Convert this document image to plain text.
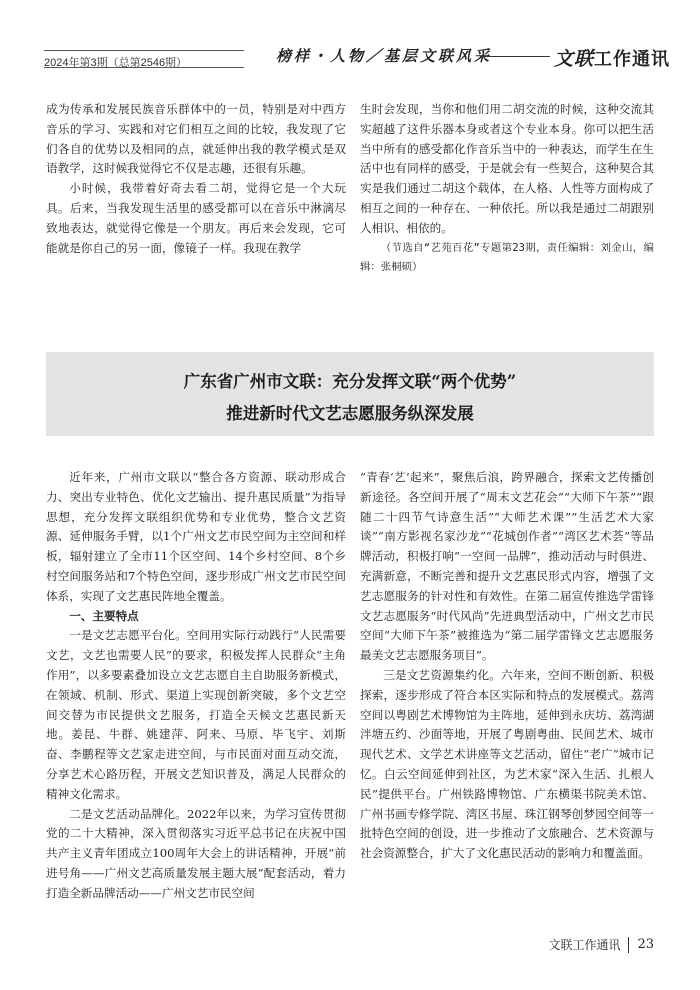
2024年第3期（总第2546期）	榜样・人物／基层文联风采	文联工作通讯

成为传承和发展民族音乐群体中的一员，特别是对中西方音乐的学习、实践和对它们相互之间的比较，我发现了它们各自的优势以及相同的点，就延伸出我的教学模式是双语教学，这时候我觉得它不仅是志趣，还很有乐趣。

小时候，我带着好奇去看二胡，觉得它是一个大玩具。后来，当我发现生活里的感受都可以在音乐中淋漓尽致地表达，就觉得它像是一个朋友。再后来会发现，它可能就是你自己的另一面，像镜子一样。我现在教学

生时会发现，当你和他们用二胡交流的时候，这种交流其实超越了这件乐器本身或者这个专业本身。你可以把生活当中所有的感受都化作音乐当中的一种表达，而学生在生活中也有同样的感受，于是就会有一些契合，这种契合其实是我们通过二胡这个载体，在人格、人性等方面构成了相互之间的一种存在、一种依托。所以我是通过二胡跟别人相识、相依的。

（节选自“艺苑百花”专题第23期，责任编辑：刘金山，编辑：张桐硕）

广东省广州市文联：充分发挥文联“两个优势”
推进新时代文艺志愿服务纵深发展

近年来，广州市文联以“整合各方资源、联动形成合力、突出专业特色、优化文艺输出、提升惠民质量”为指导思想，充分发挥文联组织优势和专业优势，整合文艺资源、延伸服务手臂，以1个广州文艺市民空间为主空间和样板，辐射建立了全市11个区空间、14个乡村空间、8个乡村空间服务站和7个特色空间，逐步形成广州文艺市民空间体系，实现了文艺惠民阵地全覆盖。

一、主要特点

一是文艺志愿平台化。空间用实际行动践行“人民需要文艺，文艺也需要人民”的要求，积极发挥人民群众“主角作用”，以多要素叠加设立文艺志愿自主自助服务新模式，在领域、机制、形式、渠道上实现创新突破，多个文艺空间交替为市民提供文艺服务，打造全天候文艺惠民新天地。姜昆、牛群、姚建萍、阿来、马原、毕飞宇、刘斯奋、李鹏程等文艺家走进空间，与市民面对面互动交流，分享艺术心路历程，开展文艺知识普及，满足人民群众的精神文化需求。

二是文艺活动品牌化。2022年以来，为学习宣传贯彻党的二十大精神，深入贯彻落实习近平总书记在庆祝中国共产主义青年团成立100周年大会上的讲话精神，开展“前进号角——广州文艺高质量发展主题大展”配套活动，着力打造全新品牌活动——广州文艺市民空间

“青春‘艺’起来”，聚焦后浪，跨界融合，探索文艺传播创新途径。各空间开展了“周末文艺花会”“大师下午茶”“跟随二十四节气诗意生活”“大师艺术课”“生活艺术大家谈”“南方影视名家沙龙”“花城创作者”“湾区艺术荟”等品牌活动，积极打响“一空间一品牌”，推动活动与时俱进、充满新意，不断完善和提升文艺惠民形式内容，增强了文艺志愿服务的针对性和有效性。在第二届宣传推选学雷锋文艺志愿服务“时代风尚”先进典型活动中，广州文艺市民空间“大师下午茶”被推选为“第二届学雷锋文艺志愿服务最美文艺志愿服务项目”。

三是文艺资源集约化。六年来，空间不断创新、积极探索，逐步形成了符合本区实际和特点的发展模式。荔湾空间以粤剧艺术博物馆为主阵地，延伸到永庆坊、荔湾湖泮塘五约、沙面等地，开展了粤剧粤曲、民间艺术、城市现代艺术、文学艺术讲座等文艺活动，留住“老广”城市记忆。白云空间延伸到社区，为艺术家“深入生活、扎根人民”提供平台。广州铁路博物馆、广东横渠书院美术馆、广州书画专修学院、湾区书屋、珠江钢琴创梦园空间等一批特色空间的创设，进一步推动了文旅融合、艺术资源与社会资源整合，扩大了文化惠民活动的影响力和覆盖面。

文联工作通讯 23
